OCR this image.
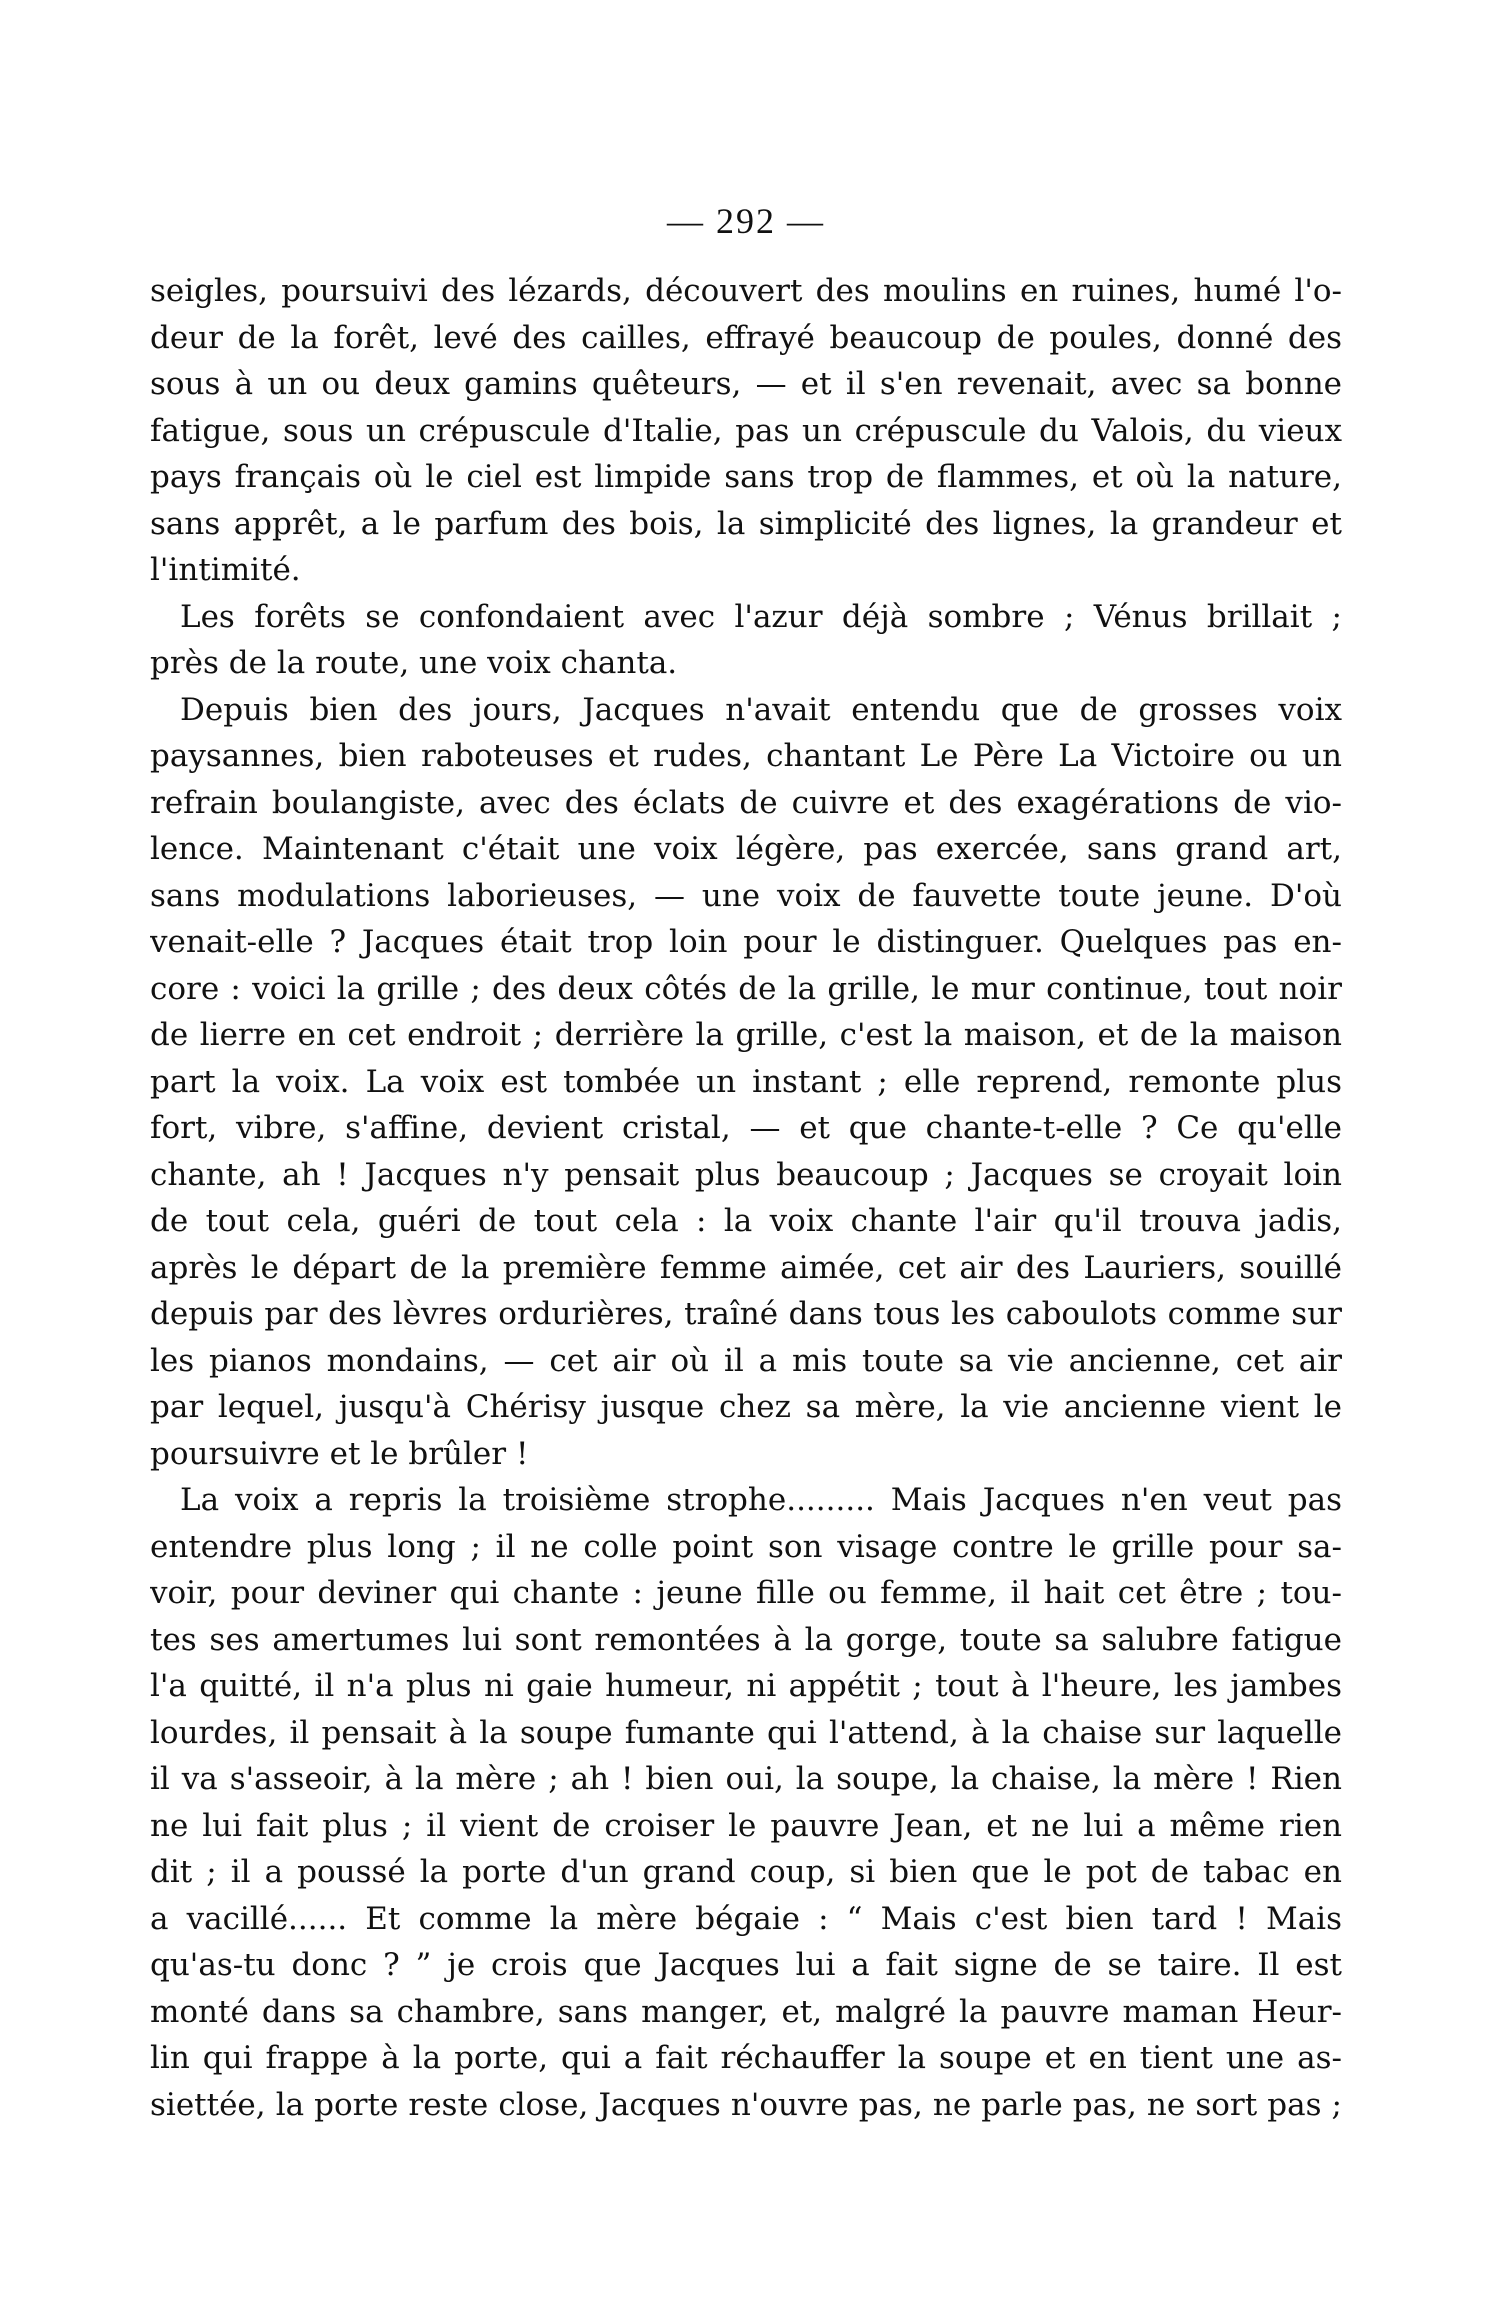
— 292 —
seigles, poursuivi des lézards, découvert des moulins en ruines, humé l'o-
deur de la forêt, levé des cailles, effrayé beaucoup de poules, donné des
sous à un ou deux gamins quêteurs, — et il s'en revenait, avec sa bonne
fatigue, sous un crépuscule d'Italie, pas un crépuscule du Valois, du vieux
pays français où le ciel est limpide sans trop de flammes, et où la nature,
sans apprêt, a le parfum des bois, la simplicité des lignes, la grandeur et
l'intimité.
Les forêts se confondaient avec l'azur déjà sombre ; Vénus brillait ;
près de la route, une voix chanta.
Depuis bien des jours, Jacques n'avait entendu que de grosses voix
paysannes, bien raboteuses et rudes, chantant Le Père La Victoire ou un
refrain boulangiste, avec des éclats de cuivre et des exagérations de vio-
lence. Maintenant c'était une voix légère, pas exercée, sans grand art,
sans modulations laborieuses, — une voix de fauvette toute jeune. D'où
venait-elle ? Jacques était trop loin pour le distinguer. Quelques pas en-
core : voici la grille ; des deux côtés de la grille, le mur continue, tout noir
de lierre en cet endroit ; derrière la grille, c'est la maison, et de la maison
part la voix. La voix est tombée un instant ; elle reprend, remonte plus
fort, vibre, s'affine, devient cristal, — et que chante-t-elle ? Ce qu'elle
chante, ah ! Jacques n'y pensait plus beaucoup ; Jacques se croyait loin
de tout cela, guéri de tout cela : la voix chante l'air qu'il trouva jadis,
après le départ de la première femme aimée, cet air des Lauriers, souillé
depuis par des lèvres ordurières, traîné dans tous les caboulots comme sur
les pianos mondains, — cet air où il a mis toute sa vie ancienne, cet air
par lequel, jusqu'à Chérisy jusque chez sa mère, la vie ancienne vient le
poursuivre et le brûler !
La voix a repris la troisième strophe......... Mais Jacques n'en veut pas
entendre plus long ; il ne colle point son visage contre le grille pour sa-
voir, pour deviner qui chante : jeune fille ou femme, il hait cet être ; tou-
tes ses amertumes lui sont remontées à la gorge, toute sa salubre fatigue
l'a quitté, il n'a plus ni gaie humeur, ni appétit ; tout à l'heure, les jambes
lourdes, il pensait à la soupe fumante qui l'attend, à la chaise sur laquelle
il va s'asseoir, à la mère ; ah ! bien oui, la soupe, la chaise, la mère ! Rien
ne lui fait plus ; il vient de croiser le pauvre Jean, et ne lui a même rien
dit ; il a poussé la porte d'un grand coup, si bien que le pot de tabac en
a vacillé...... Et comme la mère bégaie : “ Mais c'est bien tard ! Mais
qu'as-tu donc ? ” je crois que Jacques lui a fait signe de se taire. Il est
monté dans sa chambre, sans manger, et, malgré la pauvre maman Heur-
lin qui frappe à la porte, qui a fait réchauffer la soupe et en tient une as-
siettée, la porte reste close, Jacques n'ouvre pas, ne parle pas, ne sort pas ;
